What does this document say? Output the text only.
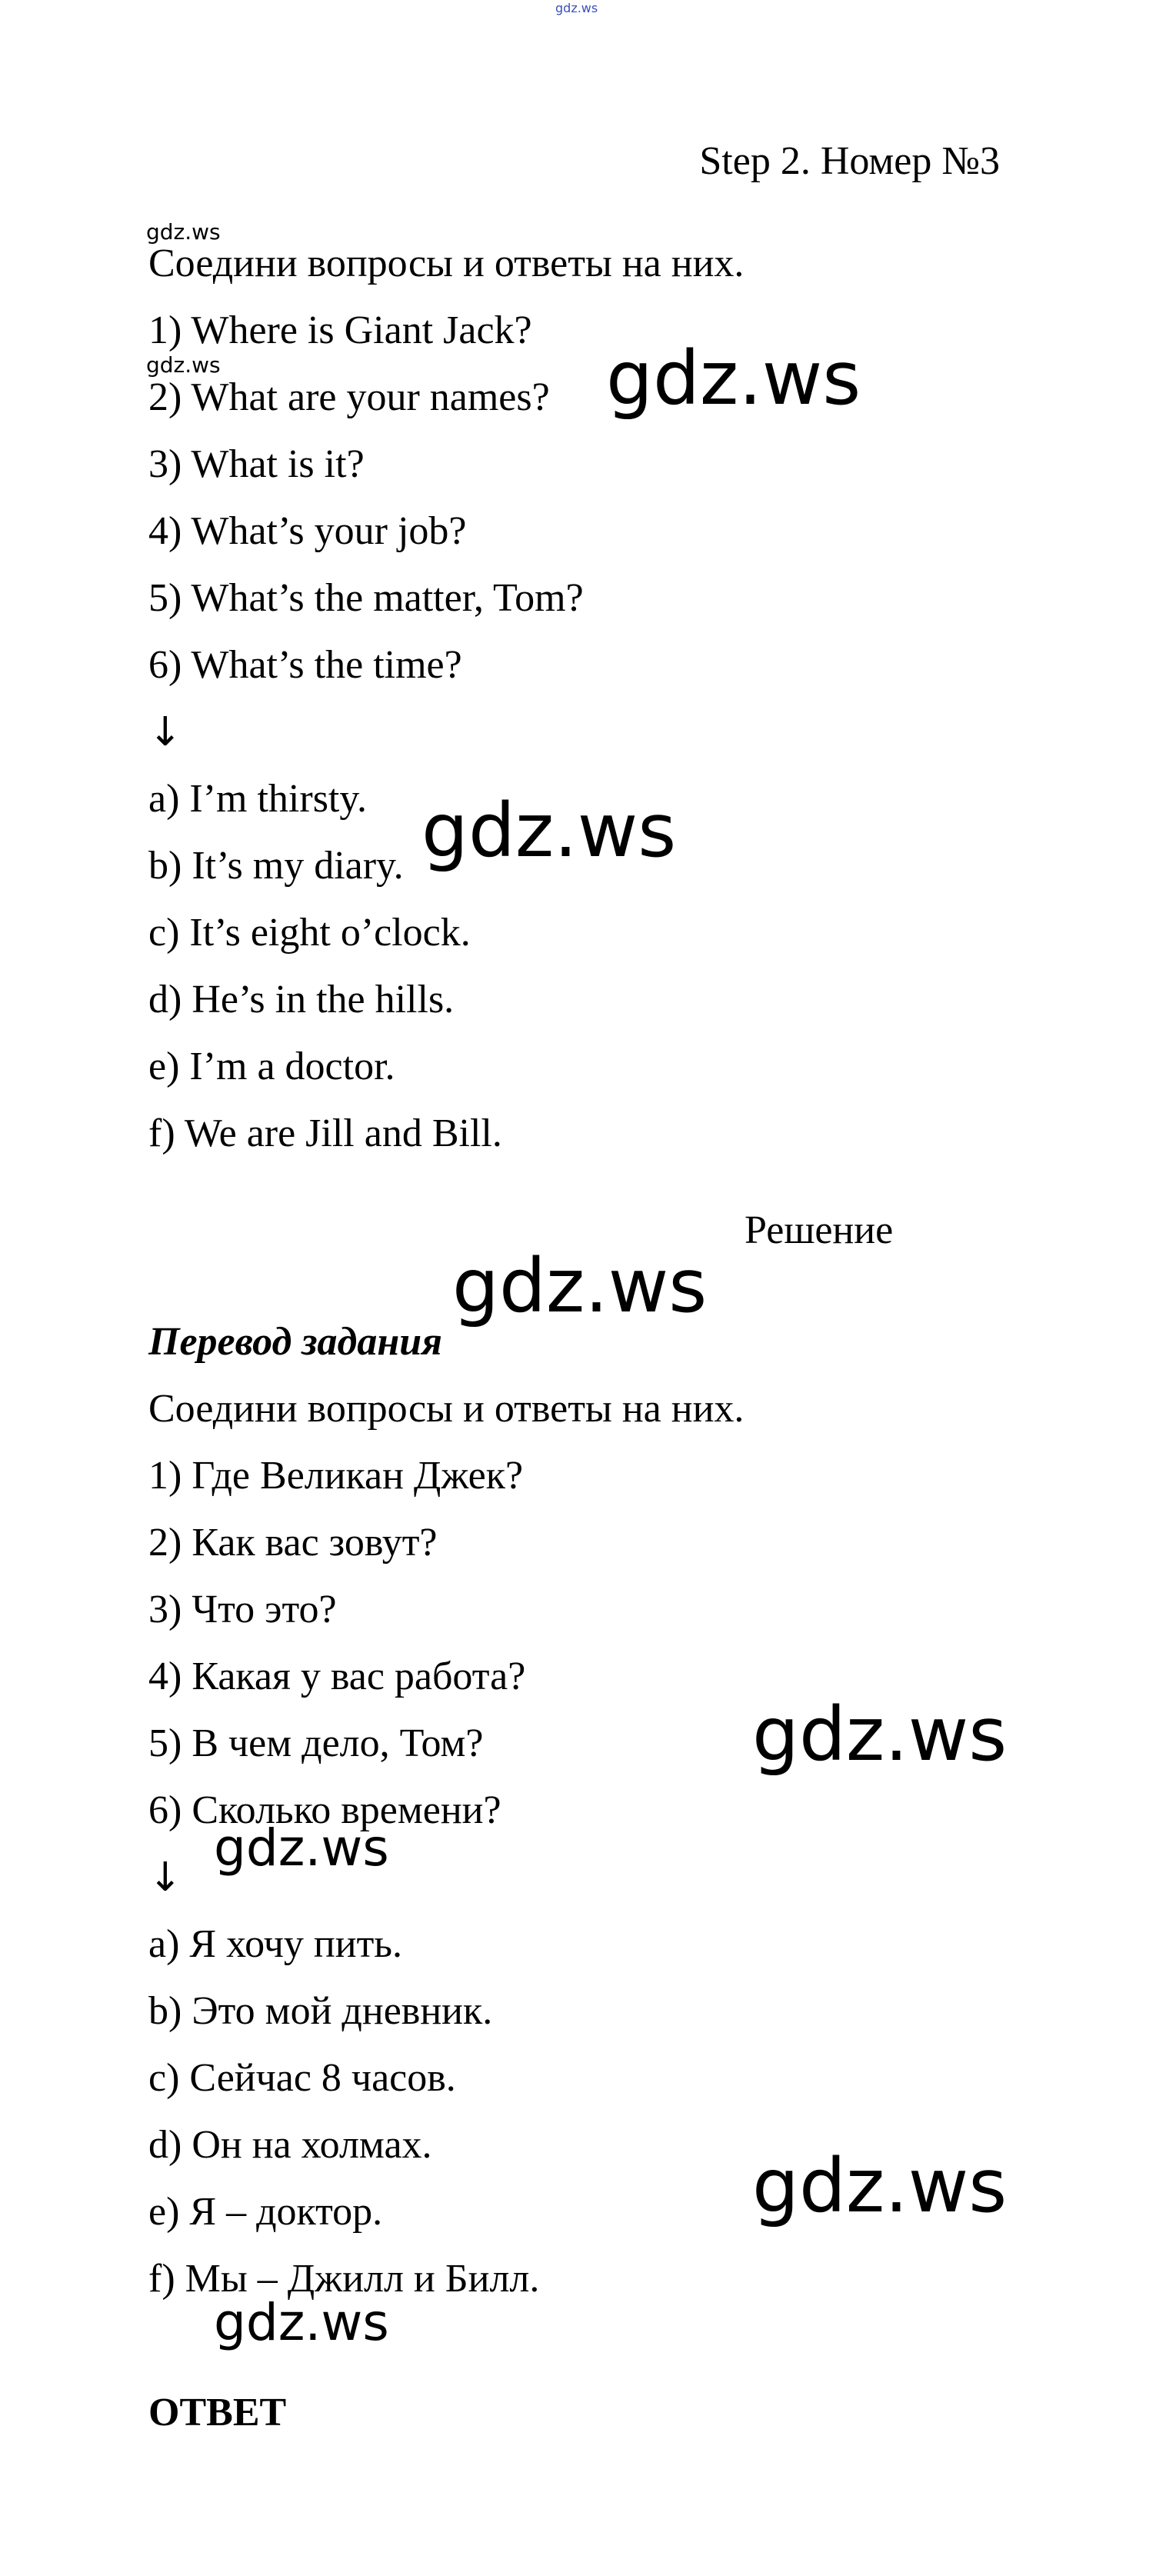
gdz.ws
Step 2. Номер №3
gdz.ws
gdz.ws
Соедини вопросы и ответы на них.
1) Where is Giant Jack?
2) What are your names?
3) What is it?
4) What’s your job?
5) What’s the matter, Tom?
6) What’s the time?
↓
a) I’m thirsty.
b) It’s my diary.
c) It’s eight o’clock.
d) He’s in the hills.
e) I’m a doctor.
f) We are Jill and Bill.
gdz.ws
gdz.ws
Решение
gdz.ws
Перевод задания
Соедини вопросы и ответы на них.
1) Где Великан Джек?
2) Как вас зовут?
3) Что это?
4) Какая у вас работа?
5) В чем дело, Том?
6) Сколько времени?
gdz.ws
gdz.ws
↓
a) Я хочу пить.
b) Это мой дневник.
c) Сейчас 8 часов.
d) Он на холмах.
e) Я – доктор.
f) Мы – Джилл и Билл.
gdz.ws
gdz.ws
ОТВЕТ
